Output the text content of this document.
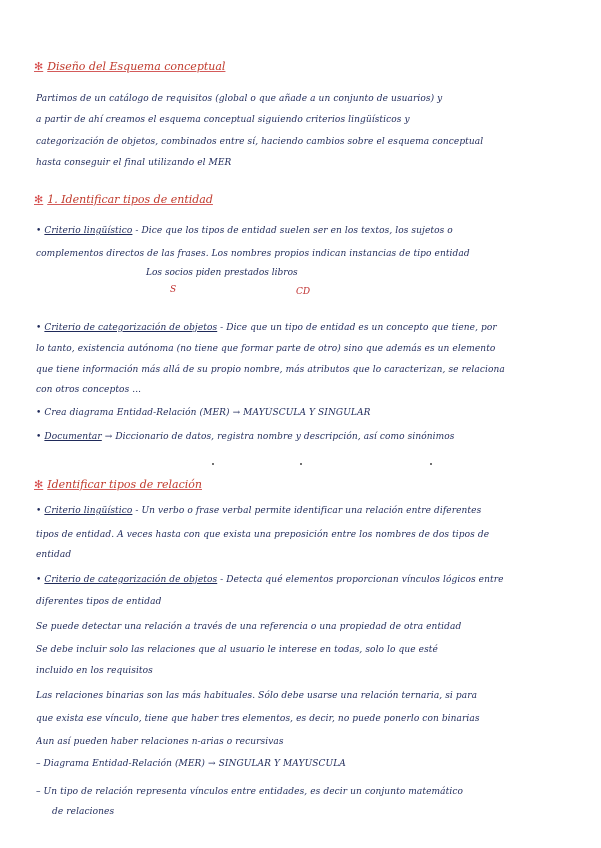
✻ Diseño del Esquema conceptual
Partimos de un catálogo de requisitos (global o que añade a un conjunto de usuarios) y
a partir de ahí creamos el esquema conceptual siguiendo criterios lingüísticos y
categorización de objetos, combinados entre sí, haciendo cambios sobre el esquema conceptual
hasta conseguir el final utilizando el MER
✻ 1. Identificar tipos de entidad
• Criterio lingüístico - Dice que los tipos de entidad suelen ser en los textos, los sujetos o
complementos directos de las frases. Los nombres propios indican instancias de tipo entidad
Los socios piden prestados libros
S	CD
• Criterio de categorización de objetos - Dice que un tipo de entidad es un concepto que tiene, por
lo tanto, existencia autónoma (no tiene que formar parte de otro) sino que además es un elemento
que tiene información más allá de su propio nombre, más atributos que lo caracterizan, se relaciona
con otros conceptos ...
• Crea diagrama Entidad-Relación (MER) → MAYÚSCULA Y SINGULAR
• Documentar → Diccionario de datos, registra nombre y descripción, así como sinónimos
✻ Identificar tipos de relación
• Criterio lingüístico - Un verbo o frase verbal permite identificar una relación entre diferentes
tipos de entidad. A veces hasta con que exista una preposición entre los nombres de dos tipos de
entidad
• Criterio de categorización de objetos - Detecta qué elementos proporcionan vínculos lógicos entre
diferentes tipos de entidad
Se puede detectar una relación a través de una referencia o una propiedad de otra entidad
Se debe incluir solo las relaciones que al usuario le interese en todas, solo lo que esté
incluido en los requisitos
Las relaciones binarias son las más habituales. Sólo debe usarse una relación ternaria, si para
que exista ese vínculo, tiene que haber tres elementos, es decir, no puede ponerlo con binarias
Aun así pueden haber relaciones n-arias o recursivas
– Diagrama Entidad-Relación (MER) → SINGULAR Y MAYÚSCULA
– Un tipo de relación representa vínculos entre entidades, es decir un conjunto matemático
de relaciones
